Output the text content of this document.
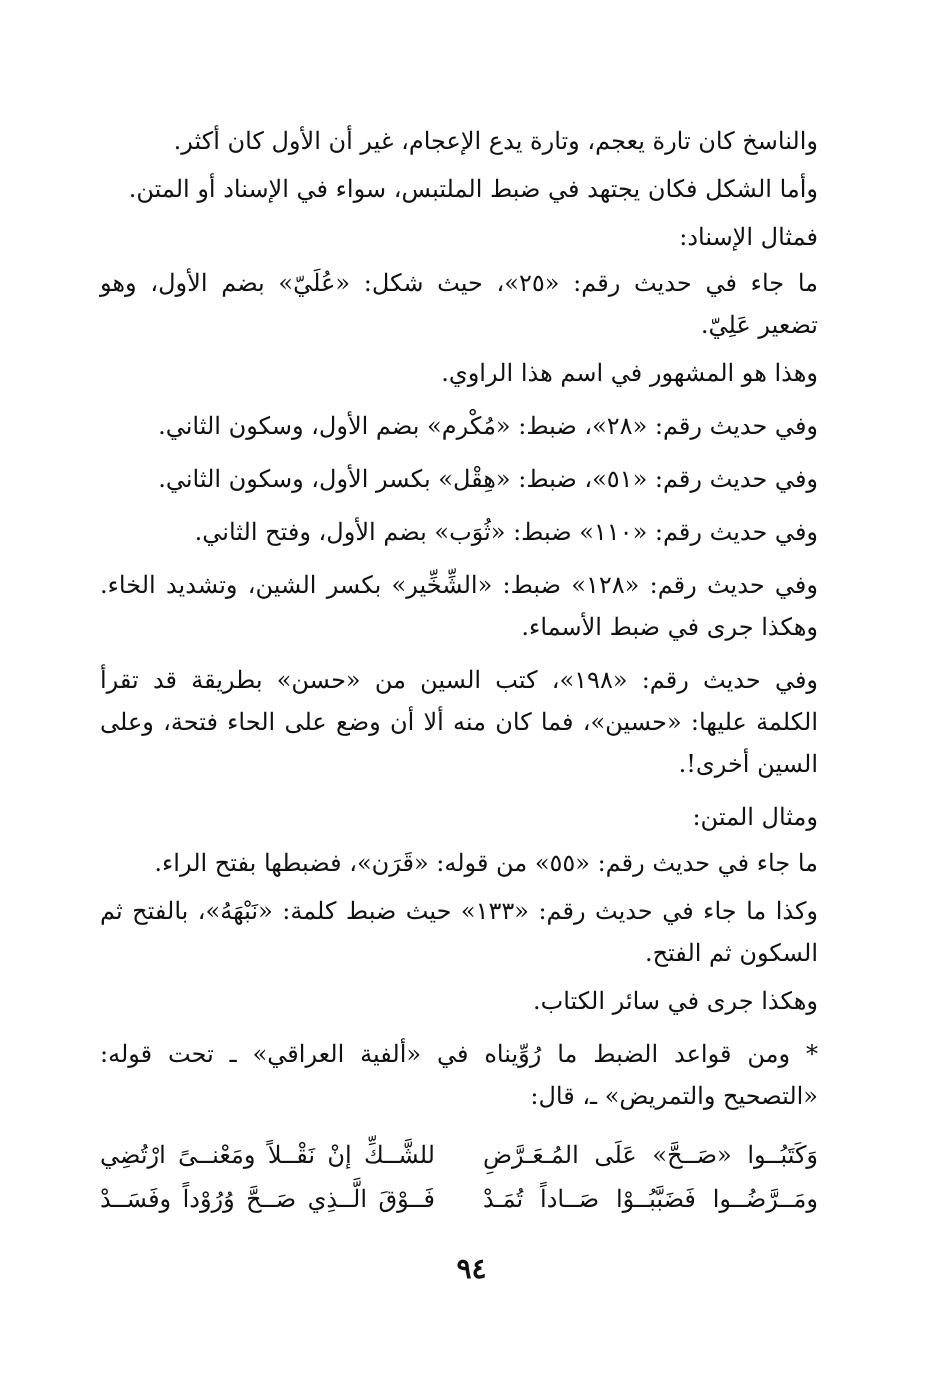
والناسخ كان تارة يعجم، وتارة يدع الإعجام، غير أن الأول كان أكثر.

وأما الشكل فكان يجتهد في ضبط الملتبس، سواء في الإسناد أو المتن.

فمثال الإسناد:

ما جاء في حديث رقم: «٢٥»، حيث شكل: «عُلَيّ» بضم الأول، وهو تضعير عَلِيّ.

وهذا هو المشهور في اسم هذا الراوي.

وفي حديث رقم: «٢٨»، ضبط: «مُكْرم» بضم الأول، وسكون الثاني.

وفي حديث رقم: «٥١»، ضبط: «هِقْل» بكسر الأول، وسكون الثاني.

وفي حديث رقم: «١١٠» ضبط: «ثُوَب» بضم الأول، وفتح الثاني.

وفي حديث رقم: «١٢٨» ضبط: «الشِّخِّير» بكسر الشين، وتشديد الخاء. وهكذا جرى في ضبط الأسماء.

وفي حديث رقم: «١٩٨»، كتب السين من «حسن» بطريقة قد تقرأ الكلمة عليها: «حسين»، فما كان منه ألا أن وضع على الحاء فتحة، وعلى السين أخرى!.

ومثال المتن:

ما جاء في حديث رقم: «٥٥» من قوله: «قَرَن»، فضبطها بفتح الراء.

وكذا ما جاء في حديث رقم: «١٣٣» حيث ضبط كلمة: «نَبْهَهُ»، بالفتح ثم السكون ثم الفتح.

وهكذا جرى في سائر الكتاب.

* ومن قواعد الضبط ما رُوِّيناه في «ألفية العراقي» ـ تحت قوله: «التصحيح والتمريض» ـ، قال:

وَكَتَبُــوا «صَــحَّ» عَلَى المُـعَـرَّضِ
للشَّــكِّ إنْ نَقْــلاً ومَعْنــىً ارْتُضِي
ومَــرَّضُــوا فَضَبَّبُــوْا صَــاداً تُمَـدْ
فَــوْقَ الَّــذِي صَــحَّ وُرُوْداً وفَسَــدْ
٩٤
